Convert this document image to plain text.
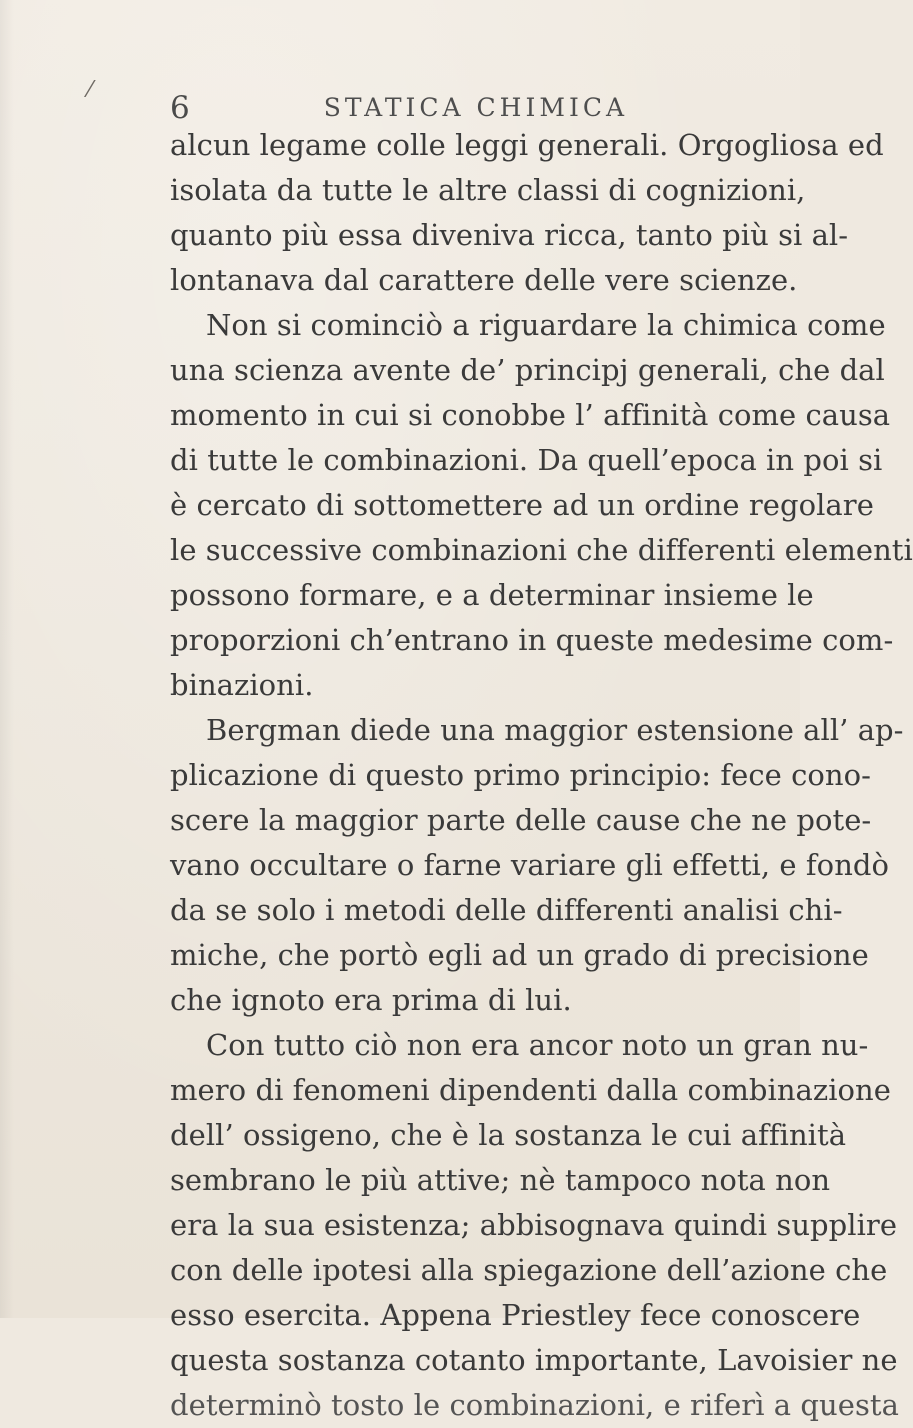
⁄	6	STATICA CHIMICA
alcun legame colle leggi generali. Orgogliosa ed
isolata da tutte le altre classi di cognizioni,
quanto più essa diveniva ricca, tanto più si al-
lontanava dal carattere delle vere scienze.
Non si cominciò a riguardare la chimica come
una scienza avente de’ principj generali, che dal
momento in cui si conobbe l’ affinità come causa
di tutte le combinazioni. Da quell’epoca in poi si
è cercato di sottomettere ad un ordine regolare
le successive combinazioni che differenti elementi
possono formare, e a determinar insieme le
proporzioni ch’entrano in queste medesime com-
binazioni.
Bergman diede una maggior estensione all’ ap-
plicazione di questo primo principio: fece cono-
scere la maggior parte delle cause che ne pote-
vano occultare o farne variare gli effetti, e fondò
da se solo i metodi delle differenti analisi chi-
miche, che portò egli ad un grado di precisione
che ignoto era prima di lui.
Con tutto ciò non era ancor noto un gran nu-
mero di fenomeni dipendenti dalla combinazione
dell’ ossigeno, che è la sostanza le cui affinità
sembrano le più attive; nè tampoco nota non
era la sua esistenza; abbisognava quindi supplire
con delle ipotesi alla spiegazione dell’azione che
esso esercita. Appena Priestley fece conoscere
questa sostanza cotanto importante, Lavoisier ne
determinò tosto le combinazioni, e riferì a questa
